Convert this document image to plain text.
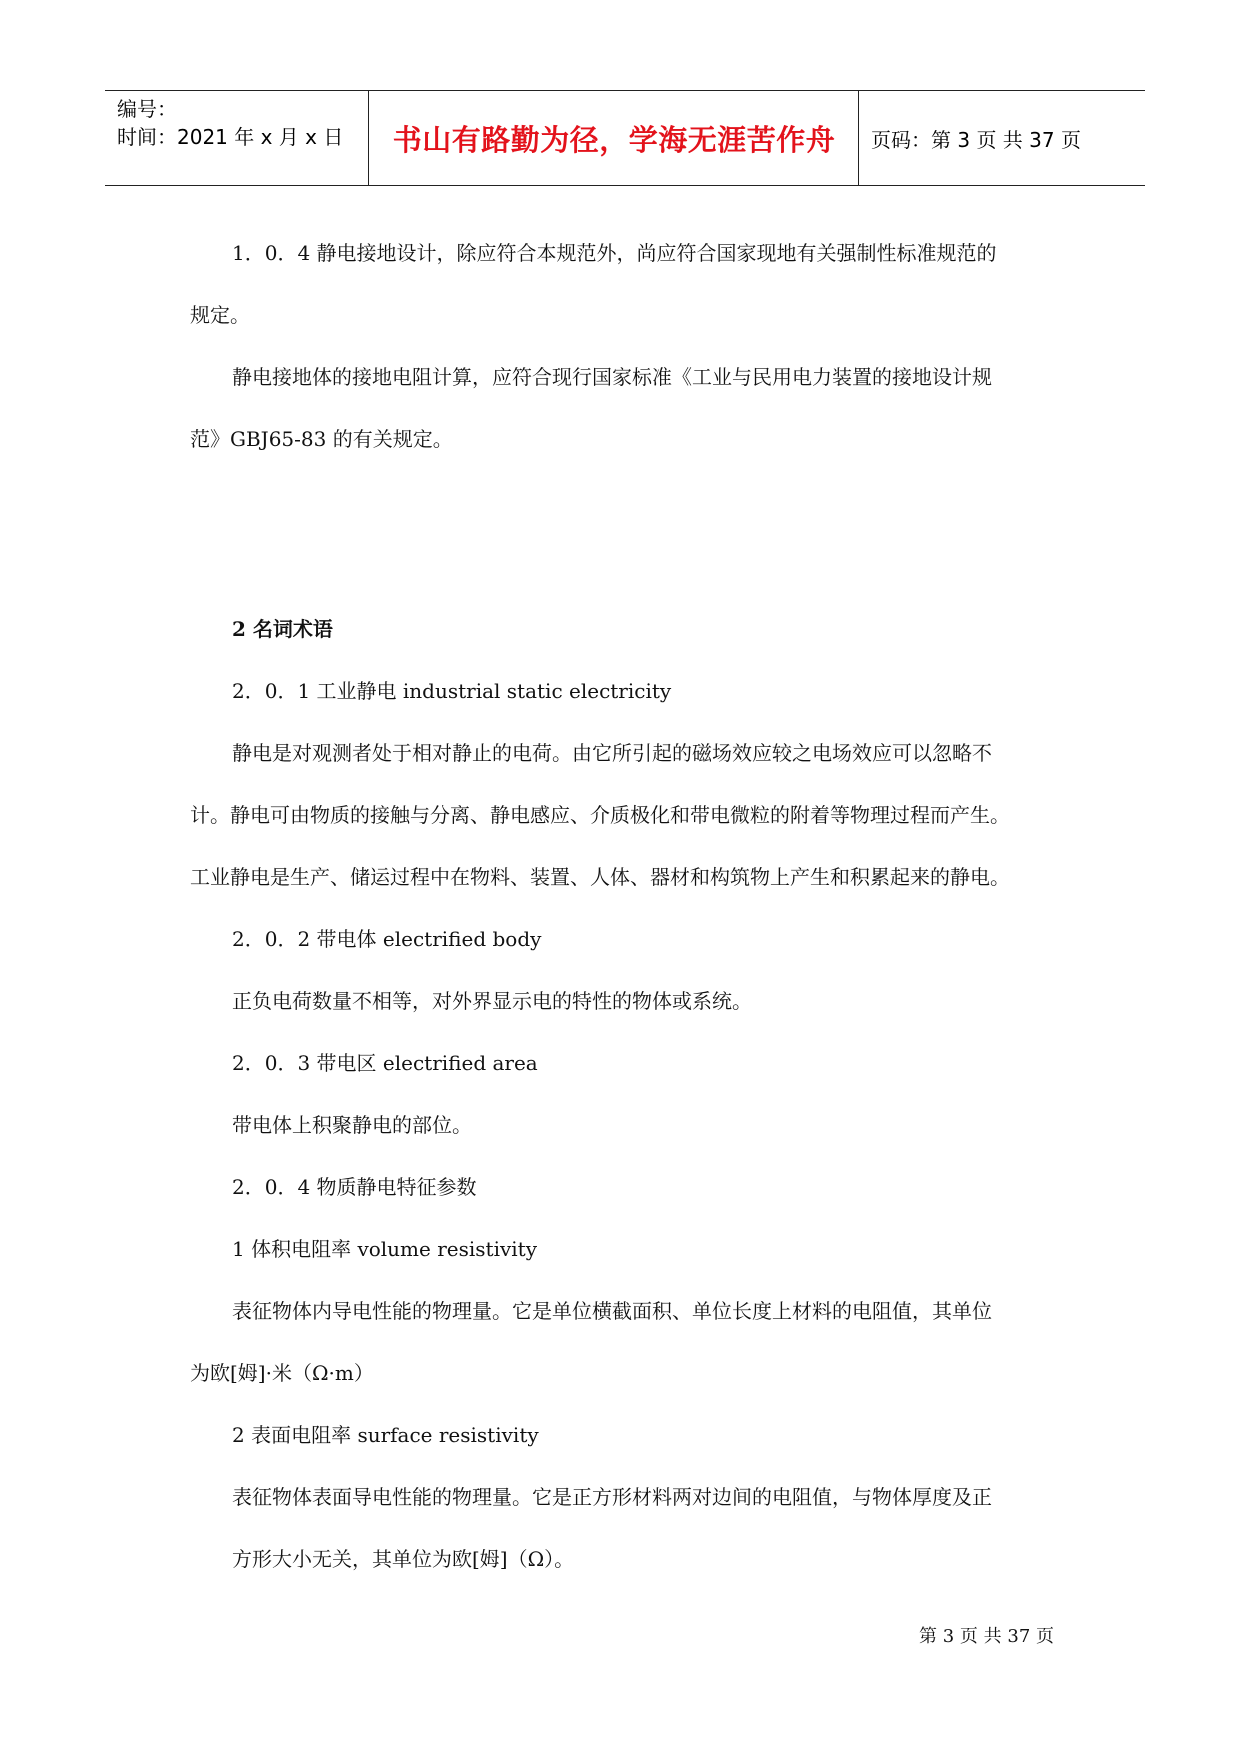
编号：
时间：2021 年 x 月 x 日	书山有路勤为径，学海无涯苦作舟	页码：第 3 页 共 37 页
1．0．4 静电接地设计，除应符合本规范外，尚应符合国家现地有关强制性标准规范的
规定。
静电接地体的接地电阻计算，应符合现行国家标准《工业与民用电力装置的接地设计规
范》GBJ65-83 的有关规定。
2 名词术语
2．0．1 工业静电 industrial static electricity
静电是对观测者处于相对静止的电荷。由它所引起的磁场效应较之电场效应可以忽略不
计。静电可由物质的接触与分离、静电感应、介质极化和带电微粒的附着等物理过程而产生。
工业静电是生产、储运过程中在物料、装置、人体、器材和构筑物上产生和积累起来的静电。
2．0．2 带电体 electrified body
正负电荷数量不相等，对外界显示电的特性的物体或系统。
2．0．3 带电区 electrified area
带电体上积聚静电的部位。
2．0．4 物质静电特征参数
1 体积电阻率 volume resistivity
表征物体内导电性能的物理量。它是单位横截面积、单位长度上材料的电阻值，其单位
为欧[姆]·米（Ω·m）
2 表面电阻率 surface resistivity
表征物体表面导电性能的物理量。它是正方形材料两对边间的电阻值，与物体厚度及正
方形大小无关，其单位为欧[姆]（Ω）。
第 3 页 共 37 页
